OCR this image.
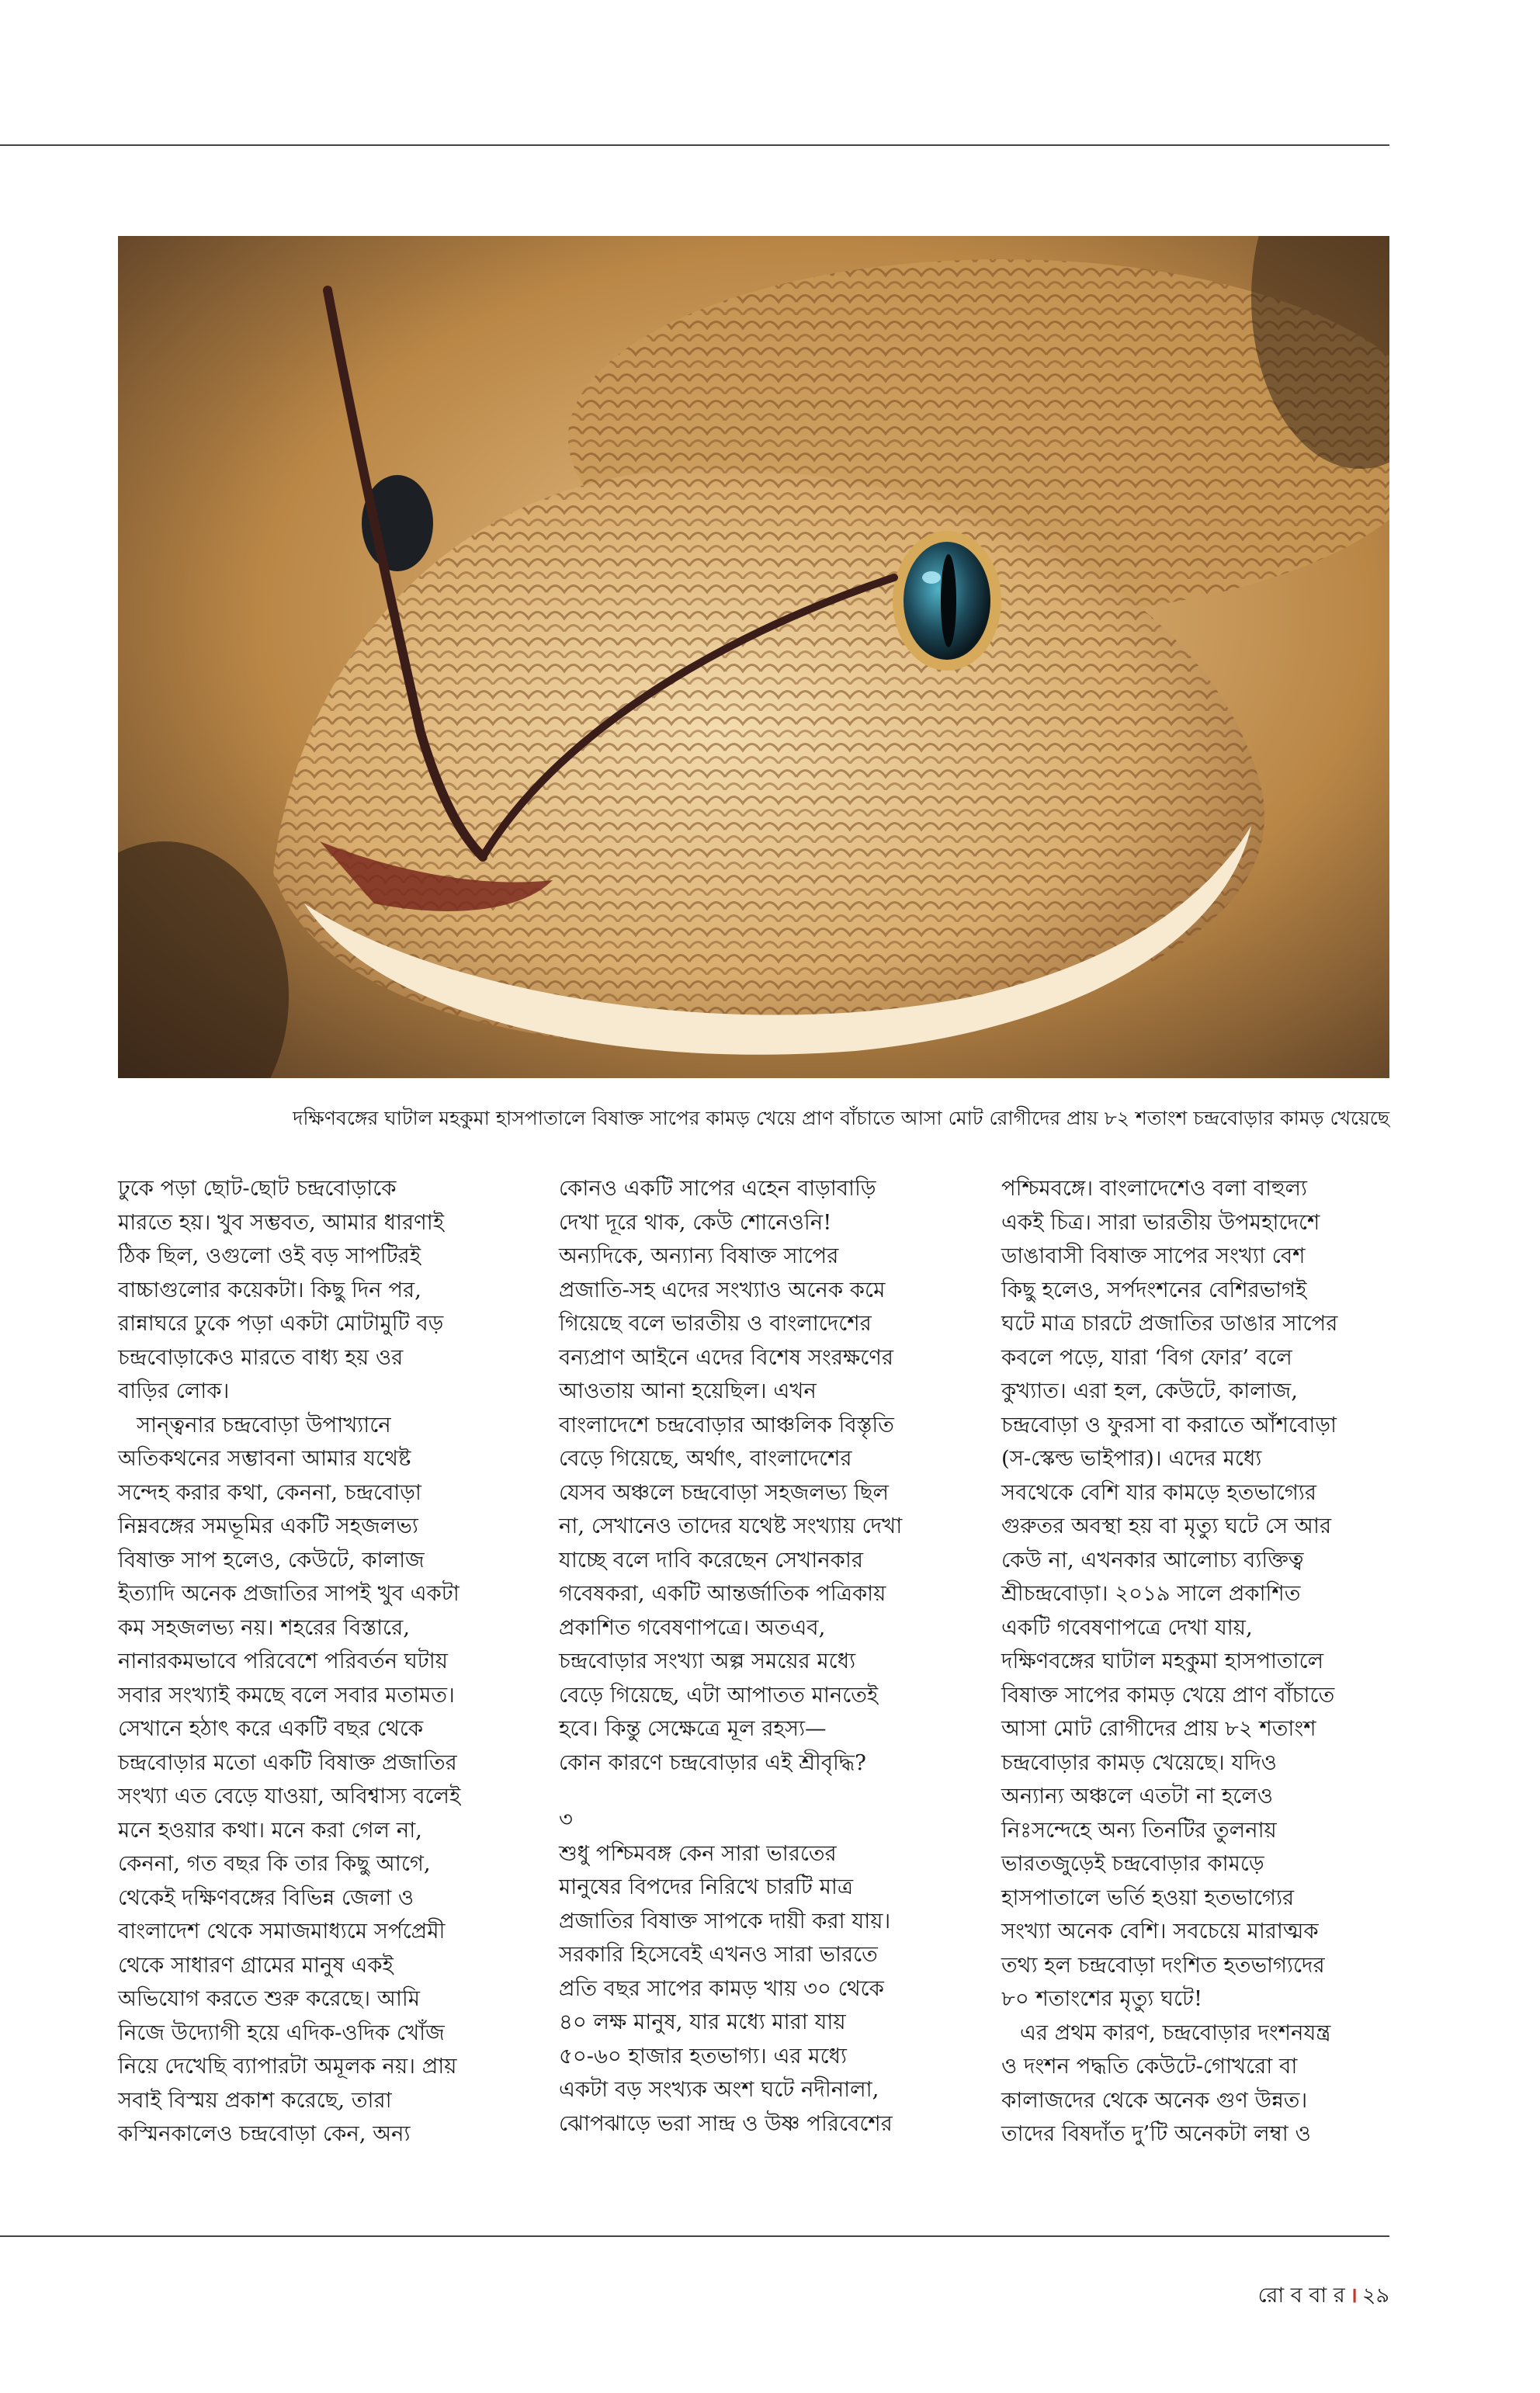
দক্ষিণবঙ্গের ঘাটাল মহকুমা হাসপাতালে বিষাক্ত সাপের কামড় খেয়ে প্রাণ বাঁচাতে আসা মোট রোগীদের প্রায় ৮২ শতাংশ চন্দ্রবোড়ার কামড় খেয়েছে

ঢুকে পড়া ছোট-ছোট চন্দ্রবোড়াকে
মারতে হয়। খুব সম্ভবত, আমার ধারণাই
ঠিক ছিল, ওগুলো ওই বড় সাপটিরই
বাচ্চাগুলোর কয়েকটা। কিছু দিন পর,
রান্নাঘরে ঢুকে পড়া একটা মোটামুটি বড়
চন্দ্রবোড়াকেও মারতে বাধ্য হয় ওর
বাড়ির লোক।

সান্ত্বনার চন্দ্রবোড়া উপাখ্যানে
অতিকথনের সম্ভাবনা আমার যথেষ্ট
সন্দেহ করার কথা, কেননা, চন্দ্রবোড়া
নিম্নবঙ্গের সমভূমির একটি সহজলভ্য
বিষাক্ত সাপ হলেও, কেউটে, কালাজ
ইত্যাদি অনেক প্রজাতির সাপই খুব একটা
কম সহজলভ্য নয়। শহরের বিস্তারে,
নানারকমভাবে পরিবেশে পরিবর্তন ঘটায়
সবার সংখ্যাই কমছে বলে সবার মতামত।
সেখানে হঠাৎ করে একটি বছর থেকে
চন্দ্রবোড়ার মতো একটি বিষাক্ত প্রজাতির
সংখ্যা এত বেড়ে যাওয়া, অবিশ্বাস্য বলেই
মনে হওয়ার কথা। মনে করা গেল না,
কেননা, গত বছর কি তার কিছু আগে,
থেকেই দক্ষিণবঙ্গের বিভিন্ন জেলা ও
বাংলাদেশ থেকে সমাজমাধ্যমে সর্পপ্রেমী
থেকে সাধারণ গ্রামের মানুষ একই
অভিযোগ করতে শুরু করেছে। আমি
নিজে উদ্যোগী হয়ে এদিক-ওদিক খোঁজ
নিয়ে দেখেছি ব্যাপারটা অমূলক নয়। প্রায়
সবাই বিস্ময় প্রকাশ করেছে, তারা
কস্মিনকালেও চন্দ্রবোড়া কেন, অন্য

কোনও একটি সাপের এহেন বাড়াবাড়ি
দেখা দূরে থাক, কেউ শোনেওনি!
অন্যদিকে, অন্যান্য বিষাক্ত সাপের
প্রজাতি-সহ এদের সংখ্যাও অনেক কমে
গিয়েছে বলে ভারতীয় ও বাংলাদেশের
বন্যপ্রাণ আইনে এদের বিশেষ সংরক্ষণের
আওতায় আনা হয়েছিল। এখন
বাংলাদেশে চন্দ্রবোড়ার আঞ্চলিক বিস্তৃতি
বেড়ে গিয়েছে, অর্থাৎ, বাংলাদেশের
যেসব অঞ্চলে চন্দ্রবোড়া সহজলভ্য ছিল
না, সেখানেও তাদের যথেষ্ট সংখ্যায় দেখা
যাচ্ছে বলে দাবি করেছেন সেখানকার
গবেষকরা, একটি আন্তর্জাতিক পত্রিকায়
প্রকাশিত গবেষণাপত্রে। অতএব,
চন্দ্রবোড়ার সংখ্যা অল্প সময়ের মধ্যে
বেড়ে গিয়েছে, এটা আপাতত মানতেই
হবে। কিন্তু সেক্ষেত্রে মূল রহস্য—
কোন কারণে চন্দ্রবোড়ার এই শ্রীবৃদ্ধি?

৩

শুধু পশ্চিমবঙ্গ কেন সারা ভারতের
মানুষের বিপদের নিরিখে চারটি মাত্র
প্রজাতির বিষাক্ত সাপকে দায়ী করা যায়।
সরকারি হিসেবেই এখনও সারা ভারতে
প্রতি বছর সাপের কামড় খায় ৩০ থেকে
৪০ লক্ষ মানুষ, যার মধ্যে মারা যায়
৫০-৬০ হাজার হতভাগ্য। এর মধ্যে
একটা বড় সংখ্যক অংশ ঘটে নদীনালা,
ঝোপঝাড়ে ভরা সান্দ্র ও উষ্ণ পরিবেশের

পশ্চিমবঙ্গে। বাংলাদেশেও বলা বাহুল্য
একই চিত্র। সারা ভারতীয় উপমহাদেশে
ডাঙাবাসী বিষাক্ত সাপের সংখ্যা বেশ
কিছু হলেও, সর্পদংশনের বেশিরভাগই
ঘটে মাত্র চারটে প্রজাতির ডাঙার সাপের
কবলে পড়ে, যারা ‘বিগ ফোর’ বলে
কুখ্যাত। এরা হল, কেউটে, কালাজ,
চন্দ্রবোড়া ও ফুরসা বা করাতে আঁশবোড়া
(স-স্কেল্ড ভাইপার)। এদের মধ্যে
সবথেকে বেশি যার কামড়ে হতভাগ্যের
গুরুতর অবস্থা হয় বা মৃত্যু ঘটে সে আর
কেউ না, এখনকার আলোচ্য ব্যক্তিত্ব
শ্রীচন্দ্রবোড়া। ২০১৯ সালে প্রকাশিত
একটি গবেষণাপত্রে দেখা যায়,
দক্ষিণবঙ্গের ঘাটাল মহকুমা হাসপাতালে
বিষাক্ত সাপের কামড় খেয়ে প্রাণ বাঁচাতে
আসা মোট রোগীদের প্রায় ৮২ শতাংশ
চন্দ্রবোড়ার কামড় খেয়েছে। যদিও
অন্যান্য অঞ্চলে এতটা না হলেও
নিঃসন্দেহে অন্য তিনটির তুলনায়
ভারতজুড়েই চন্দ্রবোড়ার কামড়ে
হাসপাতালে ভর্তি হওয়া হতভাগ্যের
সংখ্যা অনেক বেশি। সবচেয়ে মারাত্মক
তথ্য হল চন্দ্রবোড়া দংশিত হতভাগ্যদের
৮০ শতাংশের মৃত্যু ঘটে!

এর প্রথম কারণ, চন্দ্রবোড়ার দংশনযন্ত্র
ও দংশন পদ্ধতি কেউটে-গোখরো বা
কালাজদের থেকে অনেক গুণ উন্নত।
তাদের বিষদাঁত দু’টি অনেকটা লম্বা ও

রো ব বা র । ২৯
